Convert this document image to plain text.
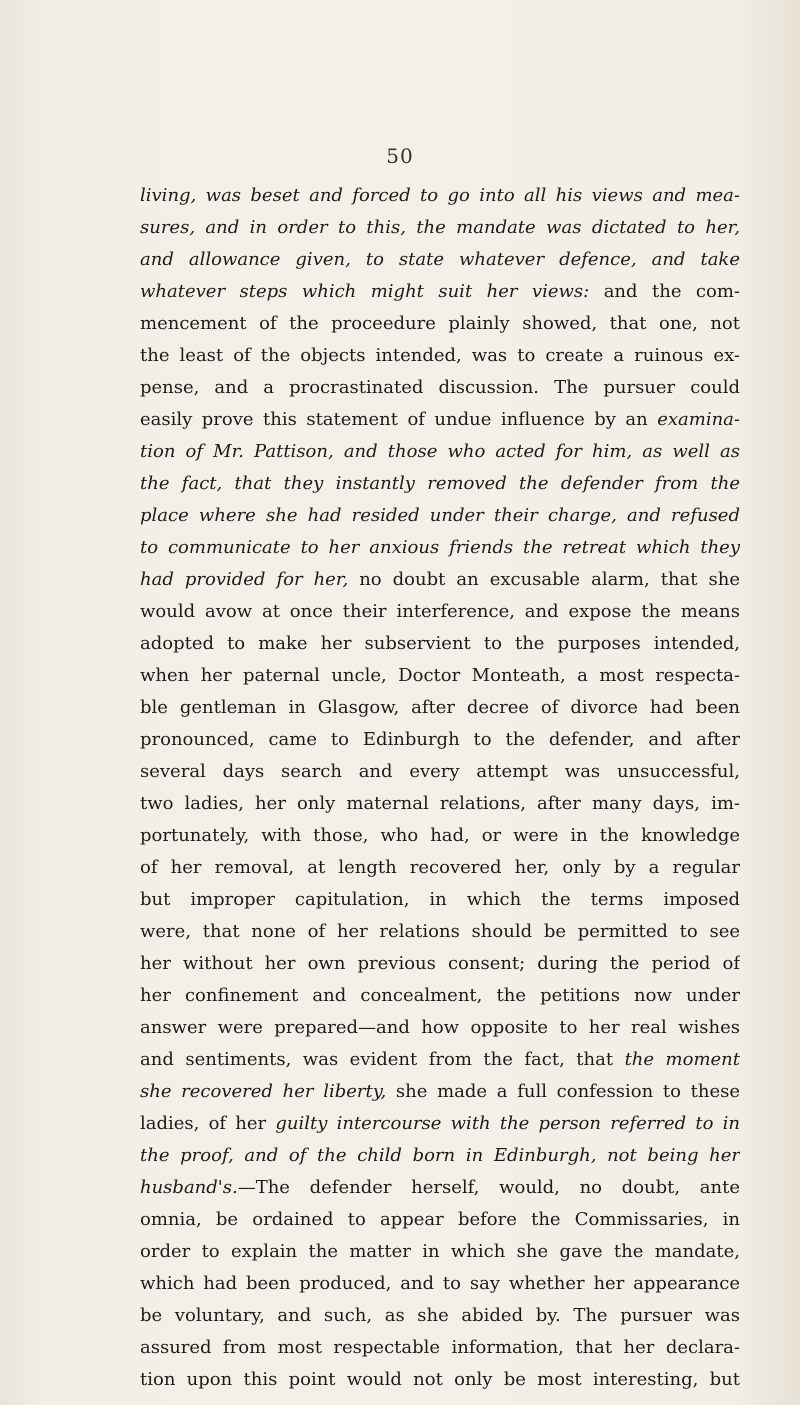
50
living, was beset and forced to go into all his views and mea-
sures, and in order to this, the mandate was dictated to her,
and allowance given, to state whatever defence, and take
whatever steps which might suit her views: and the com-
mencement of the proceedure plainly showed, that one, not
the least of the objects intended, was to create a ruinous ex-
pense, and a procrastinated discussion. The pursuer could
easily prove this statement of undue influence by an examina-
tion of Mr. Pattison, and those who acted for him, as well as
the fact, that they instantly removed the defender from the
place where she had resided under their charge, and refused
to communicate to her anxious friends the retreat which they
had provided for her, no doubt an excusable alarm, that she
would avow at once their interference, and expose the means
adopted to make her subservient to the purposes intended,
when her paternal uncle, Doctor Monteath, a most respecta-
ble gentleman in Glasgow, after decree of divorce had been
pronounced, came to Edinburgh to the defender, and after
several days search and every attempt was unsuccessful,
two ladies, her only maternal relations, after many days, im-
portunately, with those, who had, or were in the knowledge
of her removal, at length recovered her, only by a regular
but improper capitulation, in which the terms imposed
were, that none of her relations should be permitted to see
her without her own previous consent; during the period of
her confinement and concealment, the petitions now under
answer were prepared—and how opposite to her real wishes
and sentiments, was evident from the fact, that the moment
she recovered her liberty, she made a full confession to these
ladies, of her guilty intercourse with the person referred to in
the proof, and of the child born in Edinburgh, not being her
husband's.—The defender herself, would, no doubt, ante
omnia, be ordained to appear before the Commissaries, in
order to explain the matter in which she gave the mandate,
which had been produced, and to say whether her appearance
be voluntary, and such, as she abided by. The pursuer was
assured from most respectable information, that her declara-
tion upon this point would not only be most interesting, but
